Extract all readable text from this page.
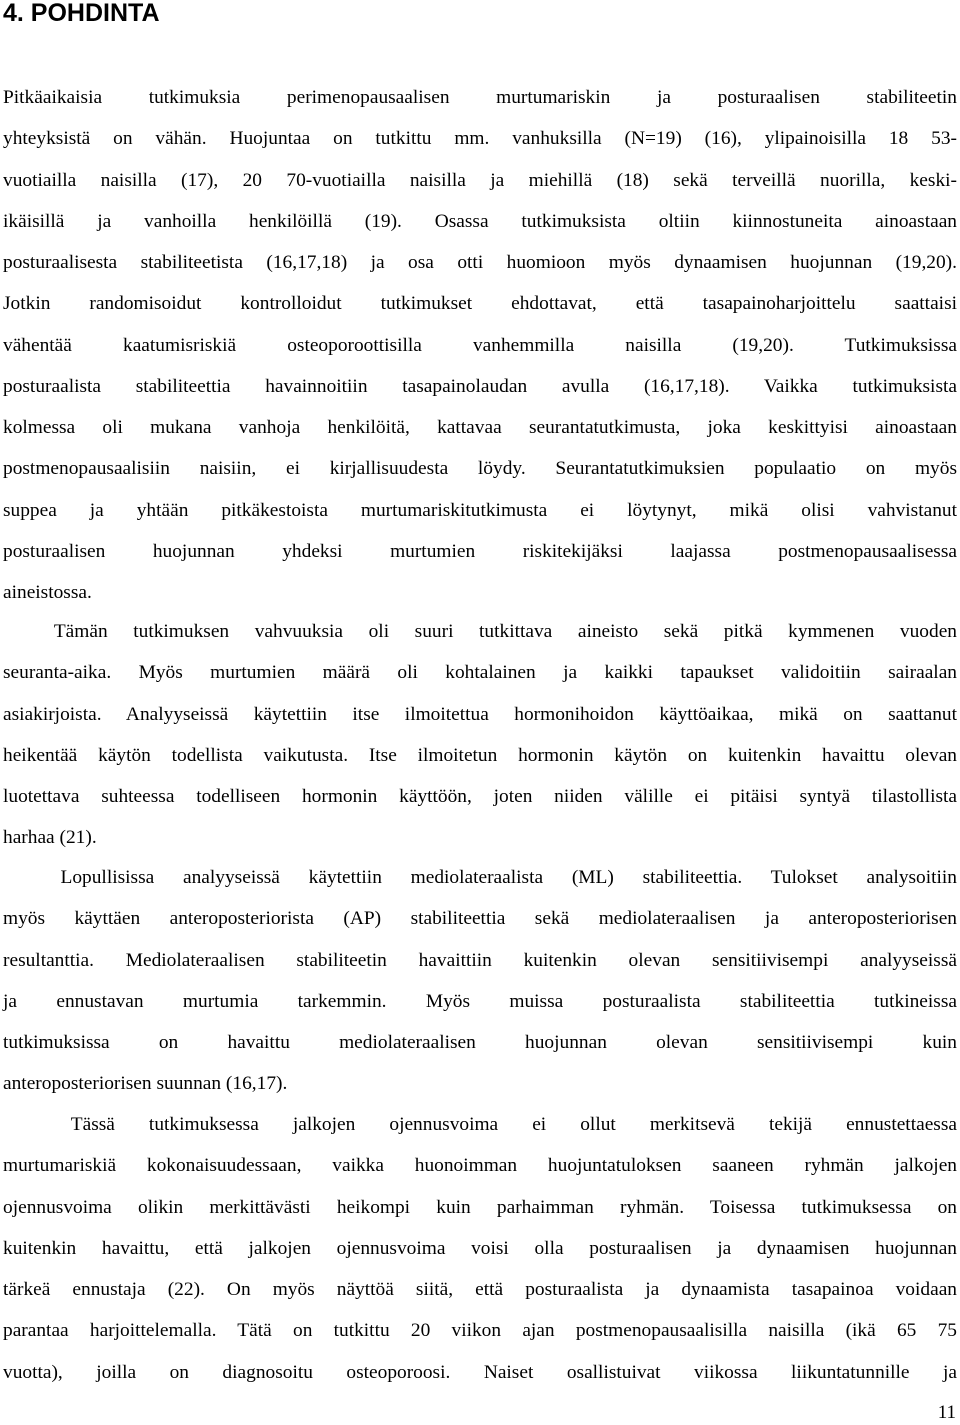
4. POHDINTA
Pitkäaikaisia tutkimuksia perimenopausaalisen murtumariskin ja posturaalisen stabiliteetin
yhteyksistä on vähän. Huojuntaa on tutkittu mm. vanhuksilla (N=19) (16), ylipainoisilla 18 53-
vuotiailla naisilla (17), 20 70-vuotiailla naisilla ja miehillä (18) sekä terveillä nuorilla, keski-
ikäisillä ja vanhoilla henkilöillä (19). Osassa tutkimuksista oltiin kiinnostuneita ainoastaan
posturaalisesta stabiliteetista (16,17,18) ja osa otti huomioon myös dynaamisen huojunnan (19,20).
Jotkin randomisoidut kontrolloidut tutkimukset ehdottavat, että tasapainoharjoittelu saattaisi
vähentää kaatumisriskiä osteoporoottisilla vanhemmilla naisilla (19,20). Tutkimuksissa
posturaalista stabiliteettia havainnoitiin tasapainolaudan avulla (16,17,18). Vaikka tutkimuksista
kolmessa oli mukana vanhoja henkilöitä, kattavaa seurantatutkimusta, joka keskittyisi ainoastaan
postmenopausaalisiin naisiin, ei kirjallisuudesta löydy. Seurantatutkimuksien populaatio on myös
suppea ja yhtään pitkäkestoista murtumariskitutkimusta ei löytynyt, mikä olisi vahvistanut
posturaalisen huojunnan yhdeksi murtumien riskitekijäksi laajassa postmenopausaalisessa
aineistossa.
Tämän tutkimuksen vahvuuksia oli suuri tutkittava aineisto sekä pitkä kymmenen vuoden
seuranta-aika. Myös murtumien määrä oli kohtalainen ja kaikki tapaukset validoitiin sairaalan
asiakirjoista. Analyyseissä käytettiin itse ilmoitettua hormonihoidon käyttöaikaa, mikä on saattanut
heikentää käytön todellista vaikutusta. Itse ilmoitetun hormonin käytön on kuitenkin havaittu olevan
luotettava suhteessa todelliseen hormonin käyttöön, joten niiden välille ei pitäisi syntyä tilastollista
harhaa (21).
Lopullisissa analyyseissä käytettiin mediolateraalista (ML) stabiliteettia. Tulokset analysoitiin
myös käyttäen anteroposteriorista (AP) stabiliteettia sekä mediolateraalisen ja anteroposteriorisen
resultanttia. Mediolateraalisen stabiliteetin havaittiin kuitenkin olevan sensitiivisempi analyyseissä
ja ennustavan murtumia tarkemmin. Myös muissa posturaalista stabiliteettia tutkineissa
tutkimuksissa on havaittu mediolateraalisen huojunnan olevan sensitiivisempi kuin
anteroposteriorisen suunnan (16,17).
Tässä tutkimuksessa jalkojen ojennusvoima ei ollut merkitsevä tekijä ennustettaessa
murtumariskiä kokonaisuudessaan, vaikka huonoimman huojuntatuloksen saaneen ryhmän jalkojen
ojennusvoima olikin merkittävästi heikompi kuin parhaimman ryhmän. Toisessa tutkimuksessa on
kuitenkin havaittu, että jalkojen ojennusvoima voisi olla posturaalisen ja dynaamisen huojunnan
tärkeä ennustaja (22). On myös näyttöä siitä, että posturaalista ja dynaamista tasapainoa voidaan
parantaa harjoittelemalla. Tätä on tutkittu 20 viikon ajan postmenopausaalisilla naisilla (ikä 65 75
vuotta), joilla on diagnosoitu osteoporoosi. Naiset osallistuivat viikossa liikuntatunnille ja
11
